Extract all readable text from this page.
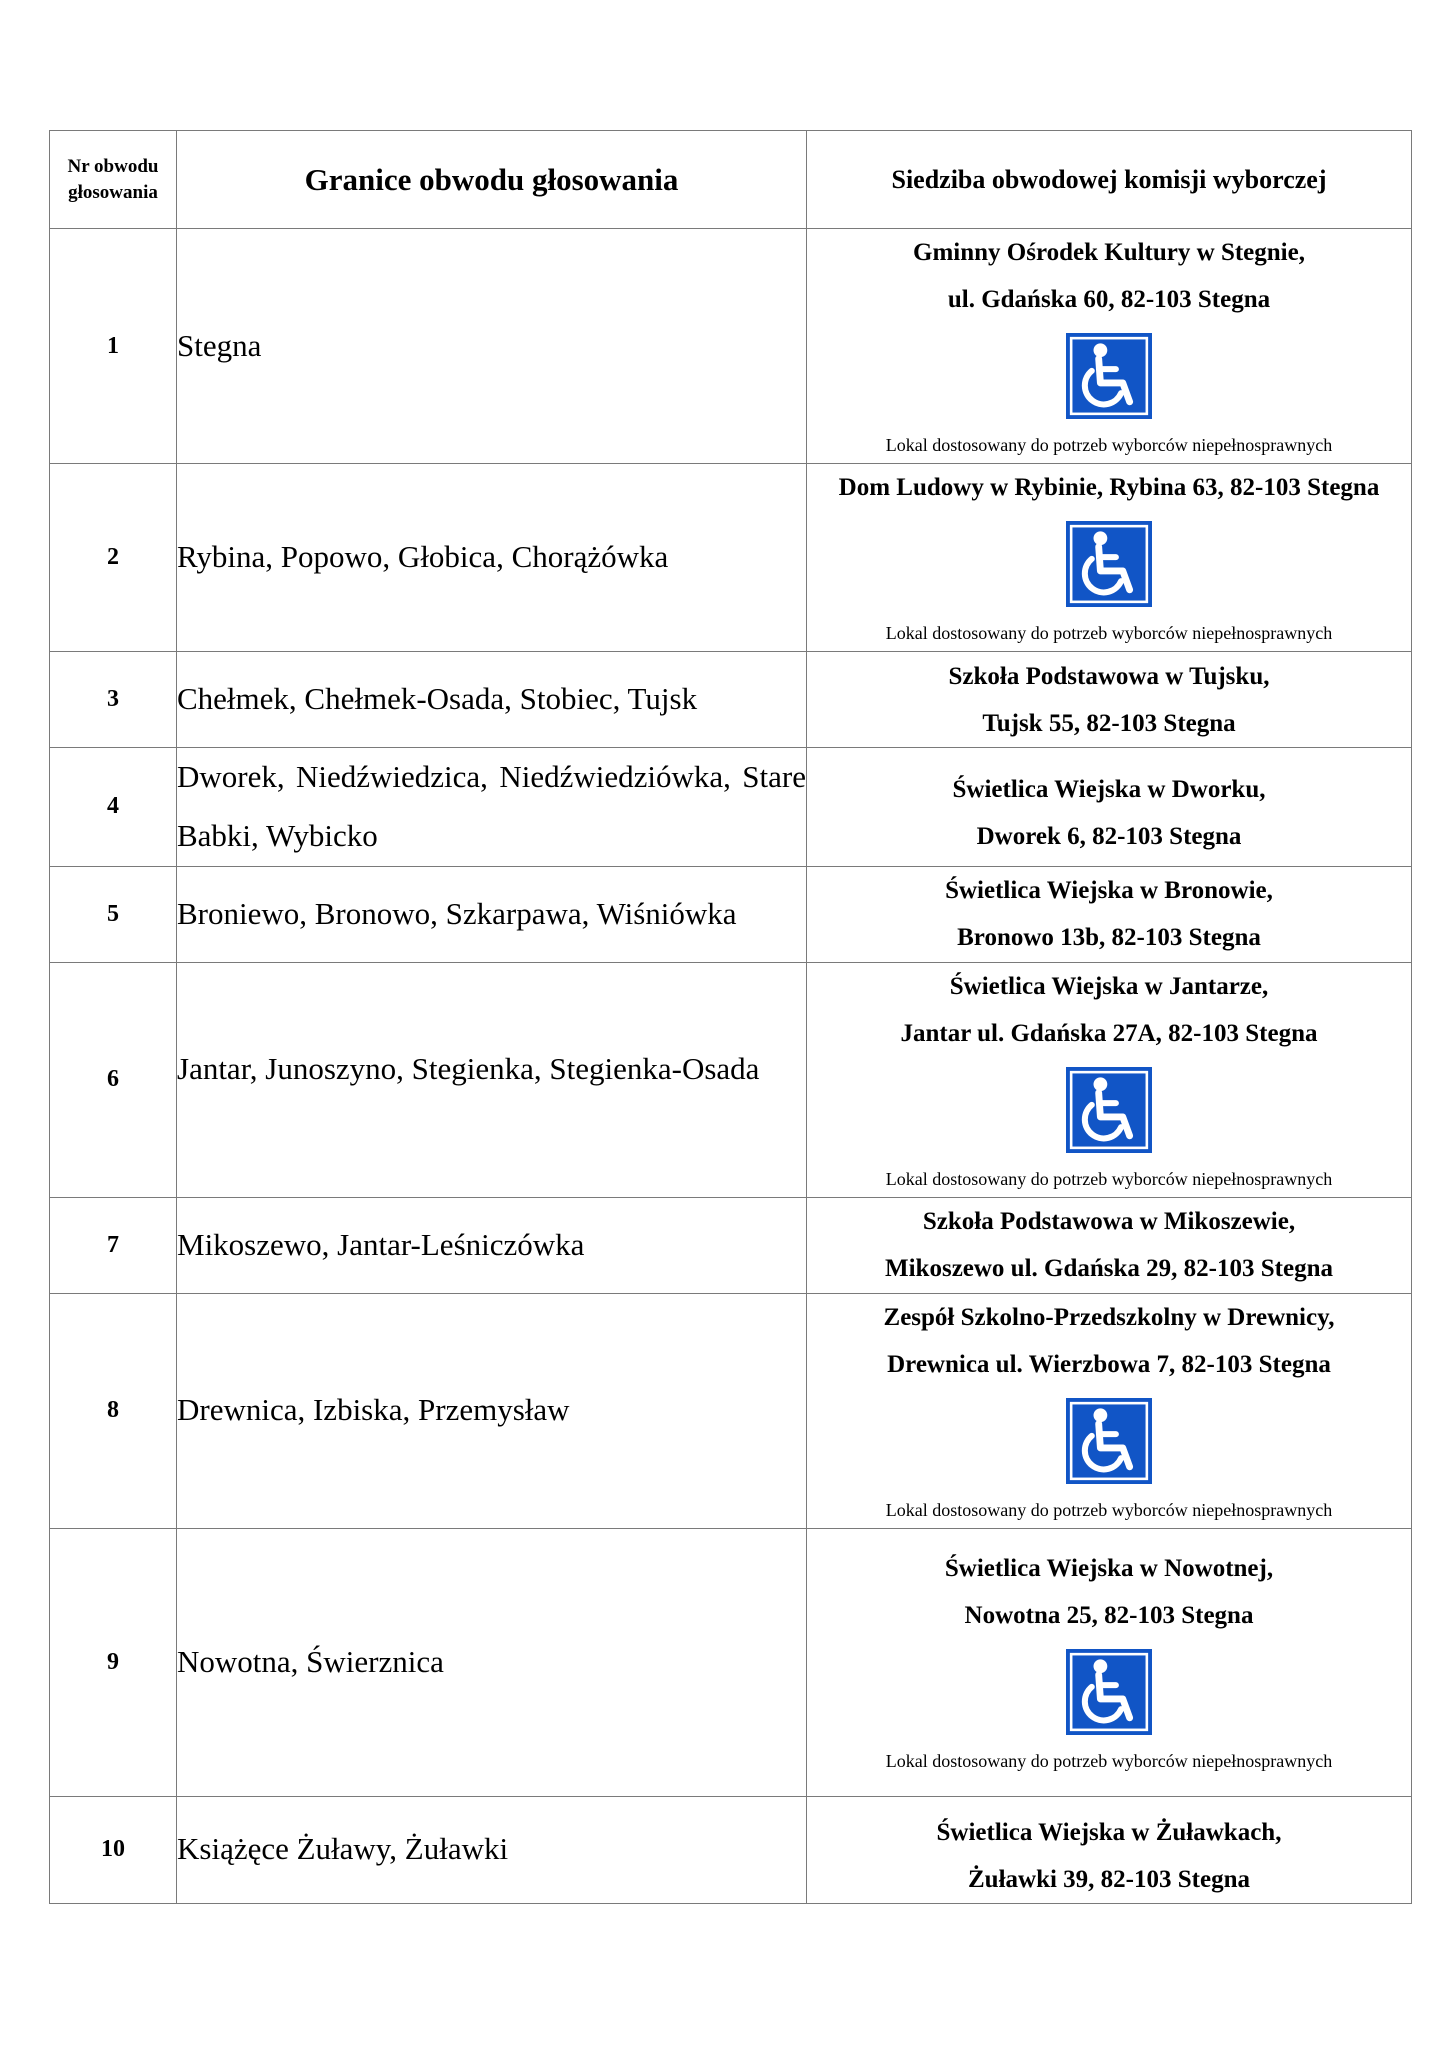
Nr obwodu
głosowania	Granice obwodu głosowania	Siedziba obwodowej komisji wyborczej
1	Stegna	Gminny Ośrodek Kultury w Stegnie,
ul. Gdańska 60, 82-103 Stegna
Lokal dostosowany do potrzeb wyborców niepełnosprawnych

2	Rybina, Popowo, Głobica, Chorążówka	Dom Ludowy w Rybinie, Rybina 63, 82-103 Stegna
Lokal dostosowany do potrzeb wyborców niepełnosprawnych

3	Chełmek, Chełmek-Osada, Stobiec, Tujsk	Szkoła Podstawowa w Tujsku,
Tujsk 55, 82-103 Stegna

4	Dworek, Niedźwiedzica, Niedźwiedziówka, Stare Babki, Wybicko	Świetlica Wiejska w Dworku,
Dworek 6, 82-103 Stegna

5	Broniewo, Bronowo, Szkarpawa, Wiśniówka	Świetlica Wiejska w Bronowie,
Bronowo 13b, 82-103 Stegna

6	Jantar, Junoszyno, Stegienka, Stegienka-Osada	Świetlica Wiejska w Jantarze,
Jantar ul. Gdańska 27A, 82-103 Stegna
Lokal dostosowany do potrzeb wyborców niepełnosprawnych

7	Mikoszewo, Jantar-Leśniczówka	Szkoła Podstawowa w Mikoszewie,
Mikoszewo ul. Gdańska 29, 82-103 Stegna

8	Drewnica, Izbiska, Przemysław	Zespół Szkolno-Przedszkolny w Drewnicy,
Drewnica ul. Wierzbowa 7, 82-103 Stegna
Lokal dostosowany do potrzeb wyborców niepełnosprawnych

9	Nowotna, Świerznica	Świetlica Wiejska w Nowotnej,
Nowotna 25, 82-103 Stegna
Lokal dostosowany do potrzeb wyborców niepełnosprawnych

10	Książęce Żuławy, Żuławki	Świetlica Wiejska w Żuławkach,
Żuławki 39, 82-103 Stegna
